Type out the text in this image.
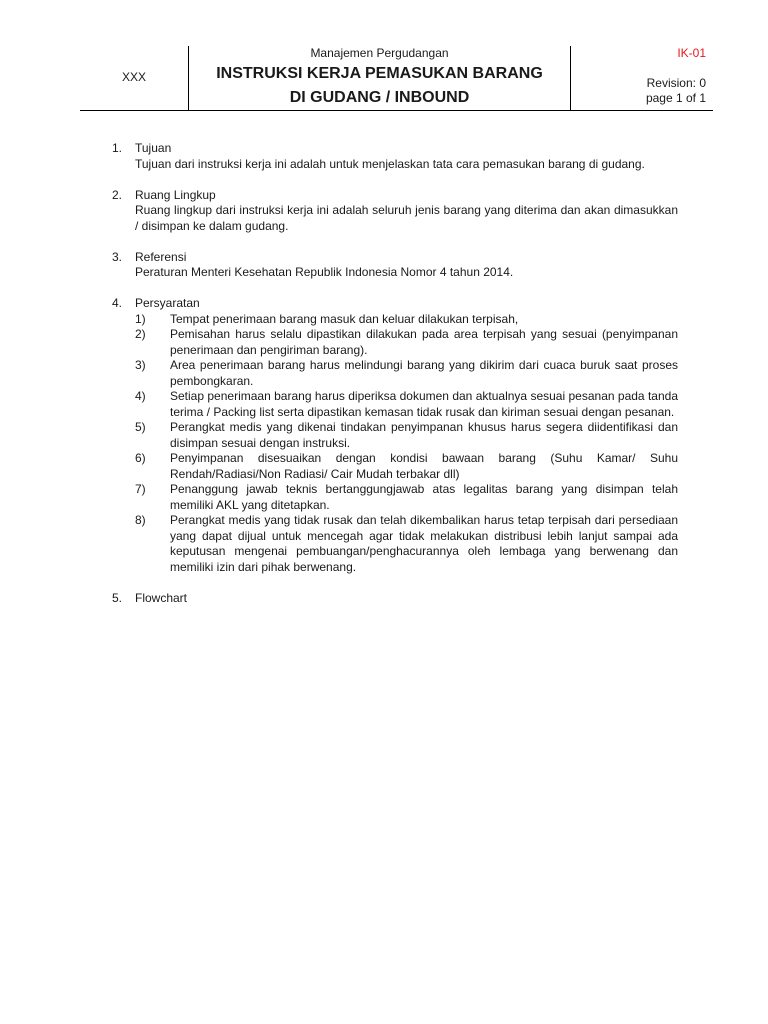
XXX
Manajemen Pergudangan
INSTRUKSI KERJA PEMASUKAN BARANG
DI GUDANG / INBOUND
IK-01
Revision: 0
page 1 of 1
1. Tujuan
Tujuan dari instruksi kerja ini adalah untuk menjelaskan tata cara pemasukan barang di gudang.
2. Ruang Lingkup
Ruang lingkup dari instruksi kerja ini adalah seluruh jenis barang yang diterima dan akan dimasukkan / disimpan ke dalam gudang.
3. Referensi
Peraturan Menteri Kesehatan Republik Indonesia Nomor 4 tahun 2014.
4. Persyaratan
1) Tempat penerimaan barang masuk dan keluar dilakukan terpisah,
2) Pemisahan harus selalu dipastikan dilakukan pada area terpisah yang sesuai (penyimpanan penerimaan dan pengiriman barang).
3) Area penerimaan barang harus melindungi barang yang dikirim dari cuaca buruk saat proses pembongkaran.
4) Setiap penerimaan barang harus diperiksa dokumen dan aktualnya sesuai pesanan pada tanda terima / Packing list serta dipastikan kemasan tidak rusak dan kiriman sesuai dengan pesanan.
5) Perangkat medis yang dikenai tindakan penyimpanan khusus harus segera diidentifikasi dan disimpan sesuai dengan instruksi.
6) Penyimpanan disesuaikan dengan kondisi bawaan barang (Suhu Kamar/ Suhu Rendah/Radiasi/Non Radiasi/ Cair Mudah terbakar dll)
7) Penanggung jawab teknis bertanggungjawab atas legalitas barang yang disimpan telah memiliki AKL yang ditetapkan.
8) Perangkat medis yang tidak rusak dan telah dikembalikan harus tetap terpisah dari persediaan yang dapat dijual untuk mencegah agar tidak melakukan distribusi lebih lanjut sampai ada keputusan mengenai pembuangan/penghacurannya oleh lembaga yang berwenang dan memiliki izin dari pihak berwenang.
5. Flowchart
